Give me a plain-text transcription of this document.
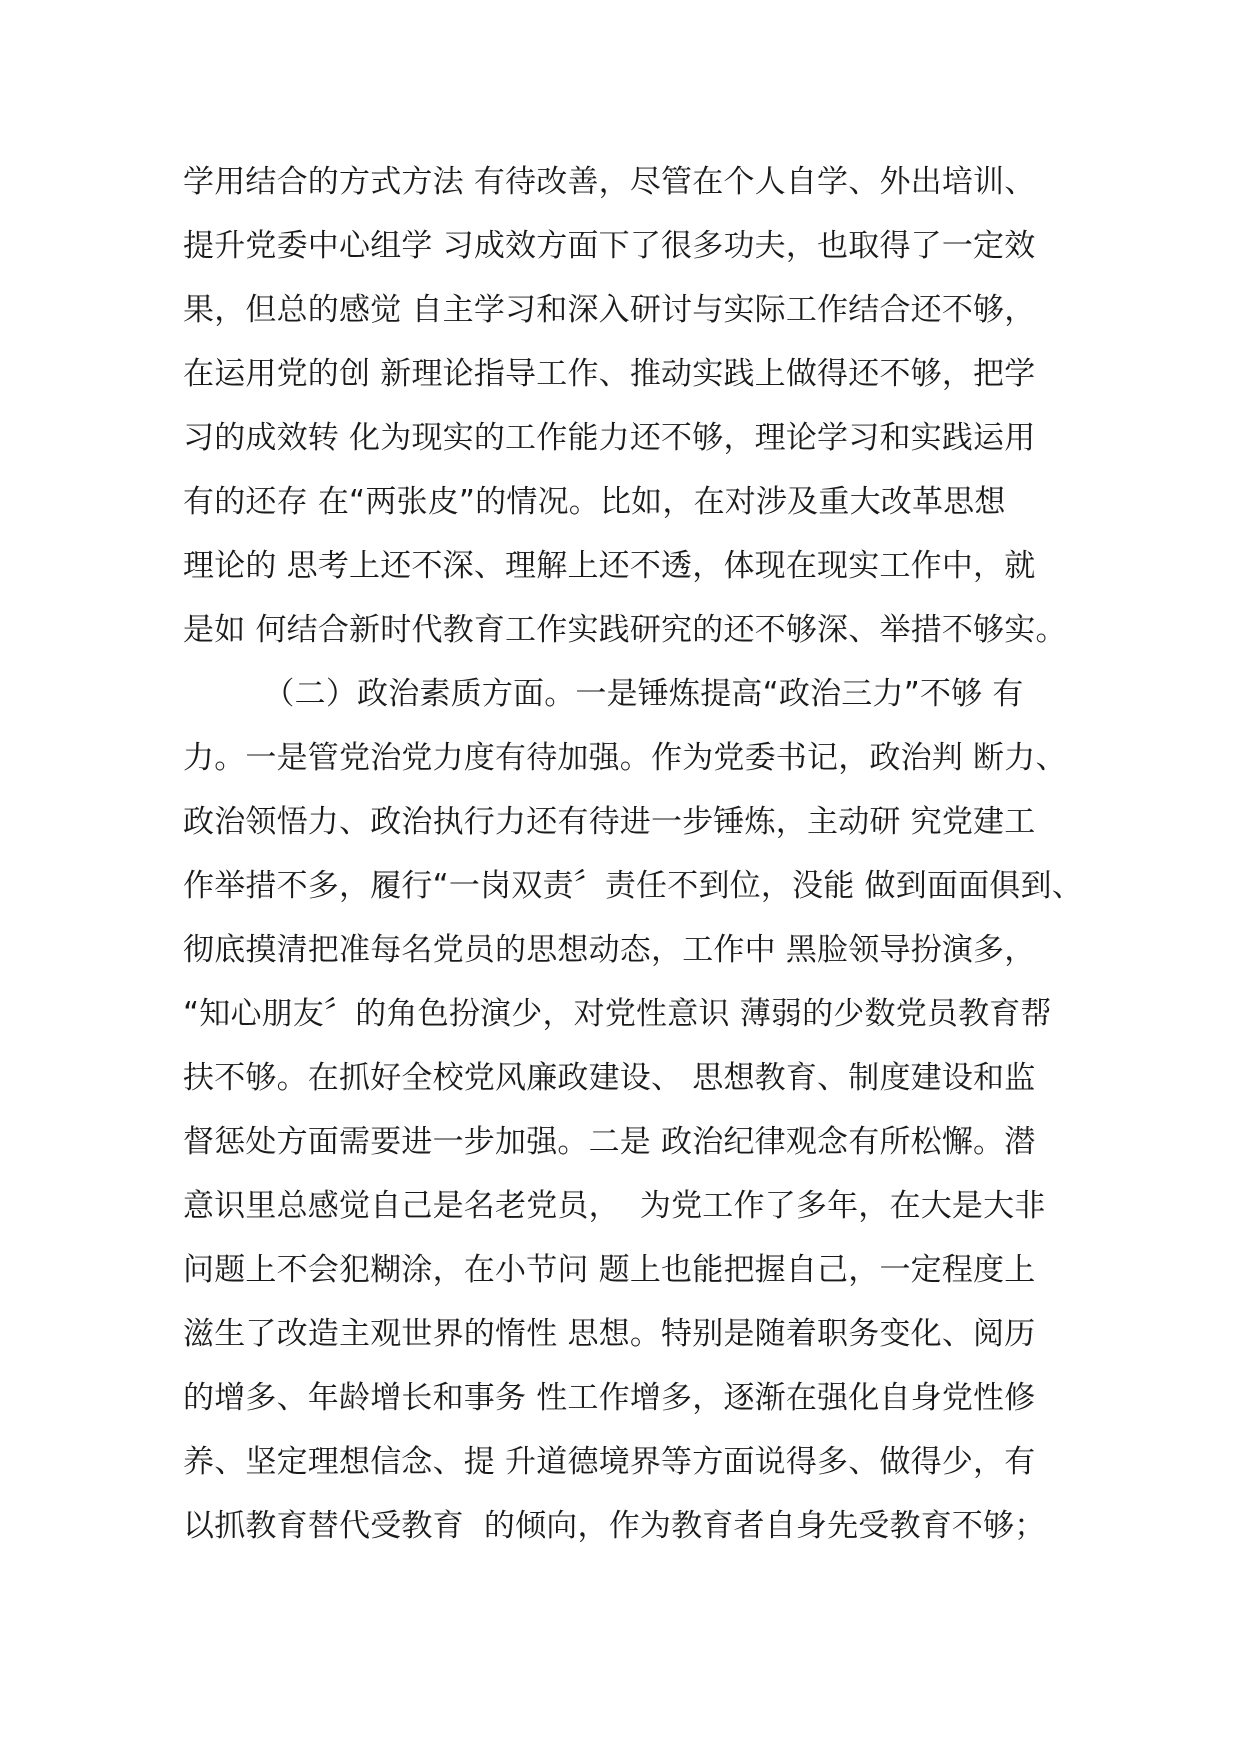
学用结合的方式方法 有待改善，尽管在个人自学、外出培训、
提升党委中心组学 习成效方面下了很多功夫，也取得了一定效
果，但总的感觉 自主学习和深入研讨与实际工作结合还不够，
在运用党的创 新理论指导工作、推动实践上做得还不够，把学
习的成效转 化为现实的工作能力还不够，理论学习和实践运用
有的还存 在“两张皮”的情况。比如，在对涉及重大改革思想
理论的 思考上还不深、理解上还不透，体现在现实工作中，就
是如 何结合新时代教育工作实践研究的还不够深、举措不够实。
（二）政治素质方面。一是锤炼提高“政治三力”不够 有
力。一是管党治党力度有待加强。作为党委书记，政治判 断力、
政治领悟力、政治执行力还有待进一步锤炼，主动研 究党建工
作举措不多，履行“一岗双责〞责任不到位，没能 做到面面俱到、
彻底摸清把准每名党员的思想动态，工作中 黑脸领导扮演多，
“知心朋友〞的角色扮演少，对党性意识 薄弱的少数党员教育帮
扶不够。在抓好全校党风廉政建设、 思想教育、制度建设和监
督惩处方面需要进一步加强。二是 政治纪律观念有所松懈。潜
意识里总感觉自己是名老党员，  为党工作了多年，在大是大非
问题上不会犯糊涂，在小节问 题上也能把握自己，一定程度上
滋生了改造主观世界的惰性 思想。特别是随着职务变化、阅历
的增多、年龄增长和事务 性工作增多，逐渐在强化自身党性修
养、坚定理想信念、提 升道德境界等方面说得多、做得少，有
以抓教育替代受教育  的倾向，作为教育者自身先受教育不够；
